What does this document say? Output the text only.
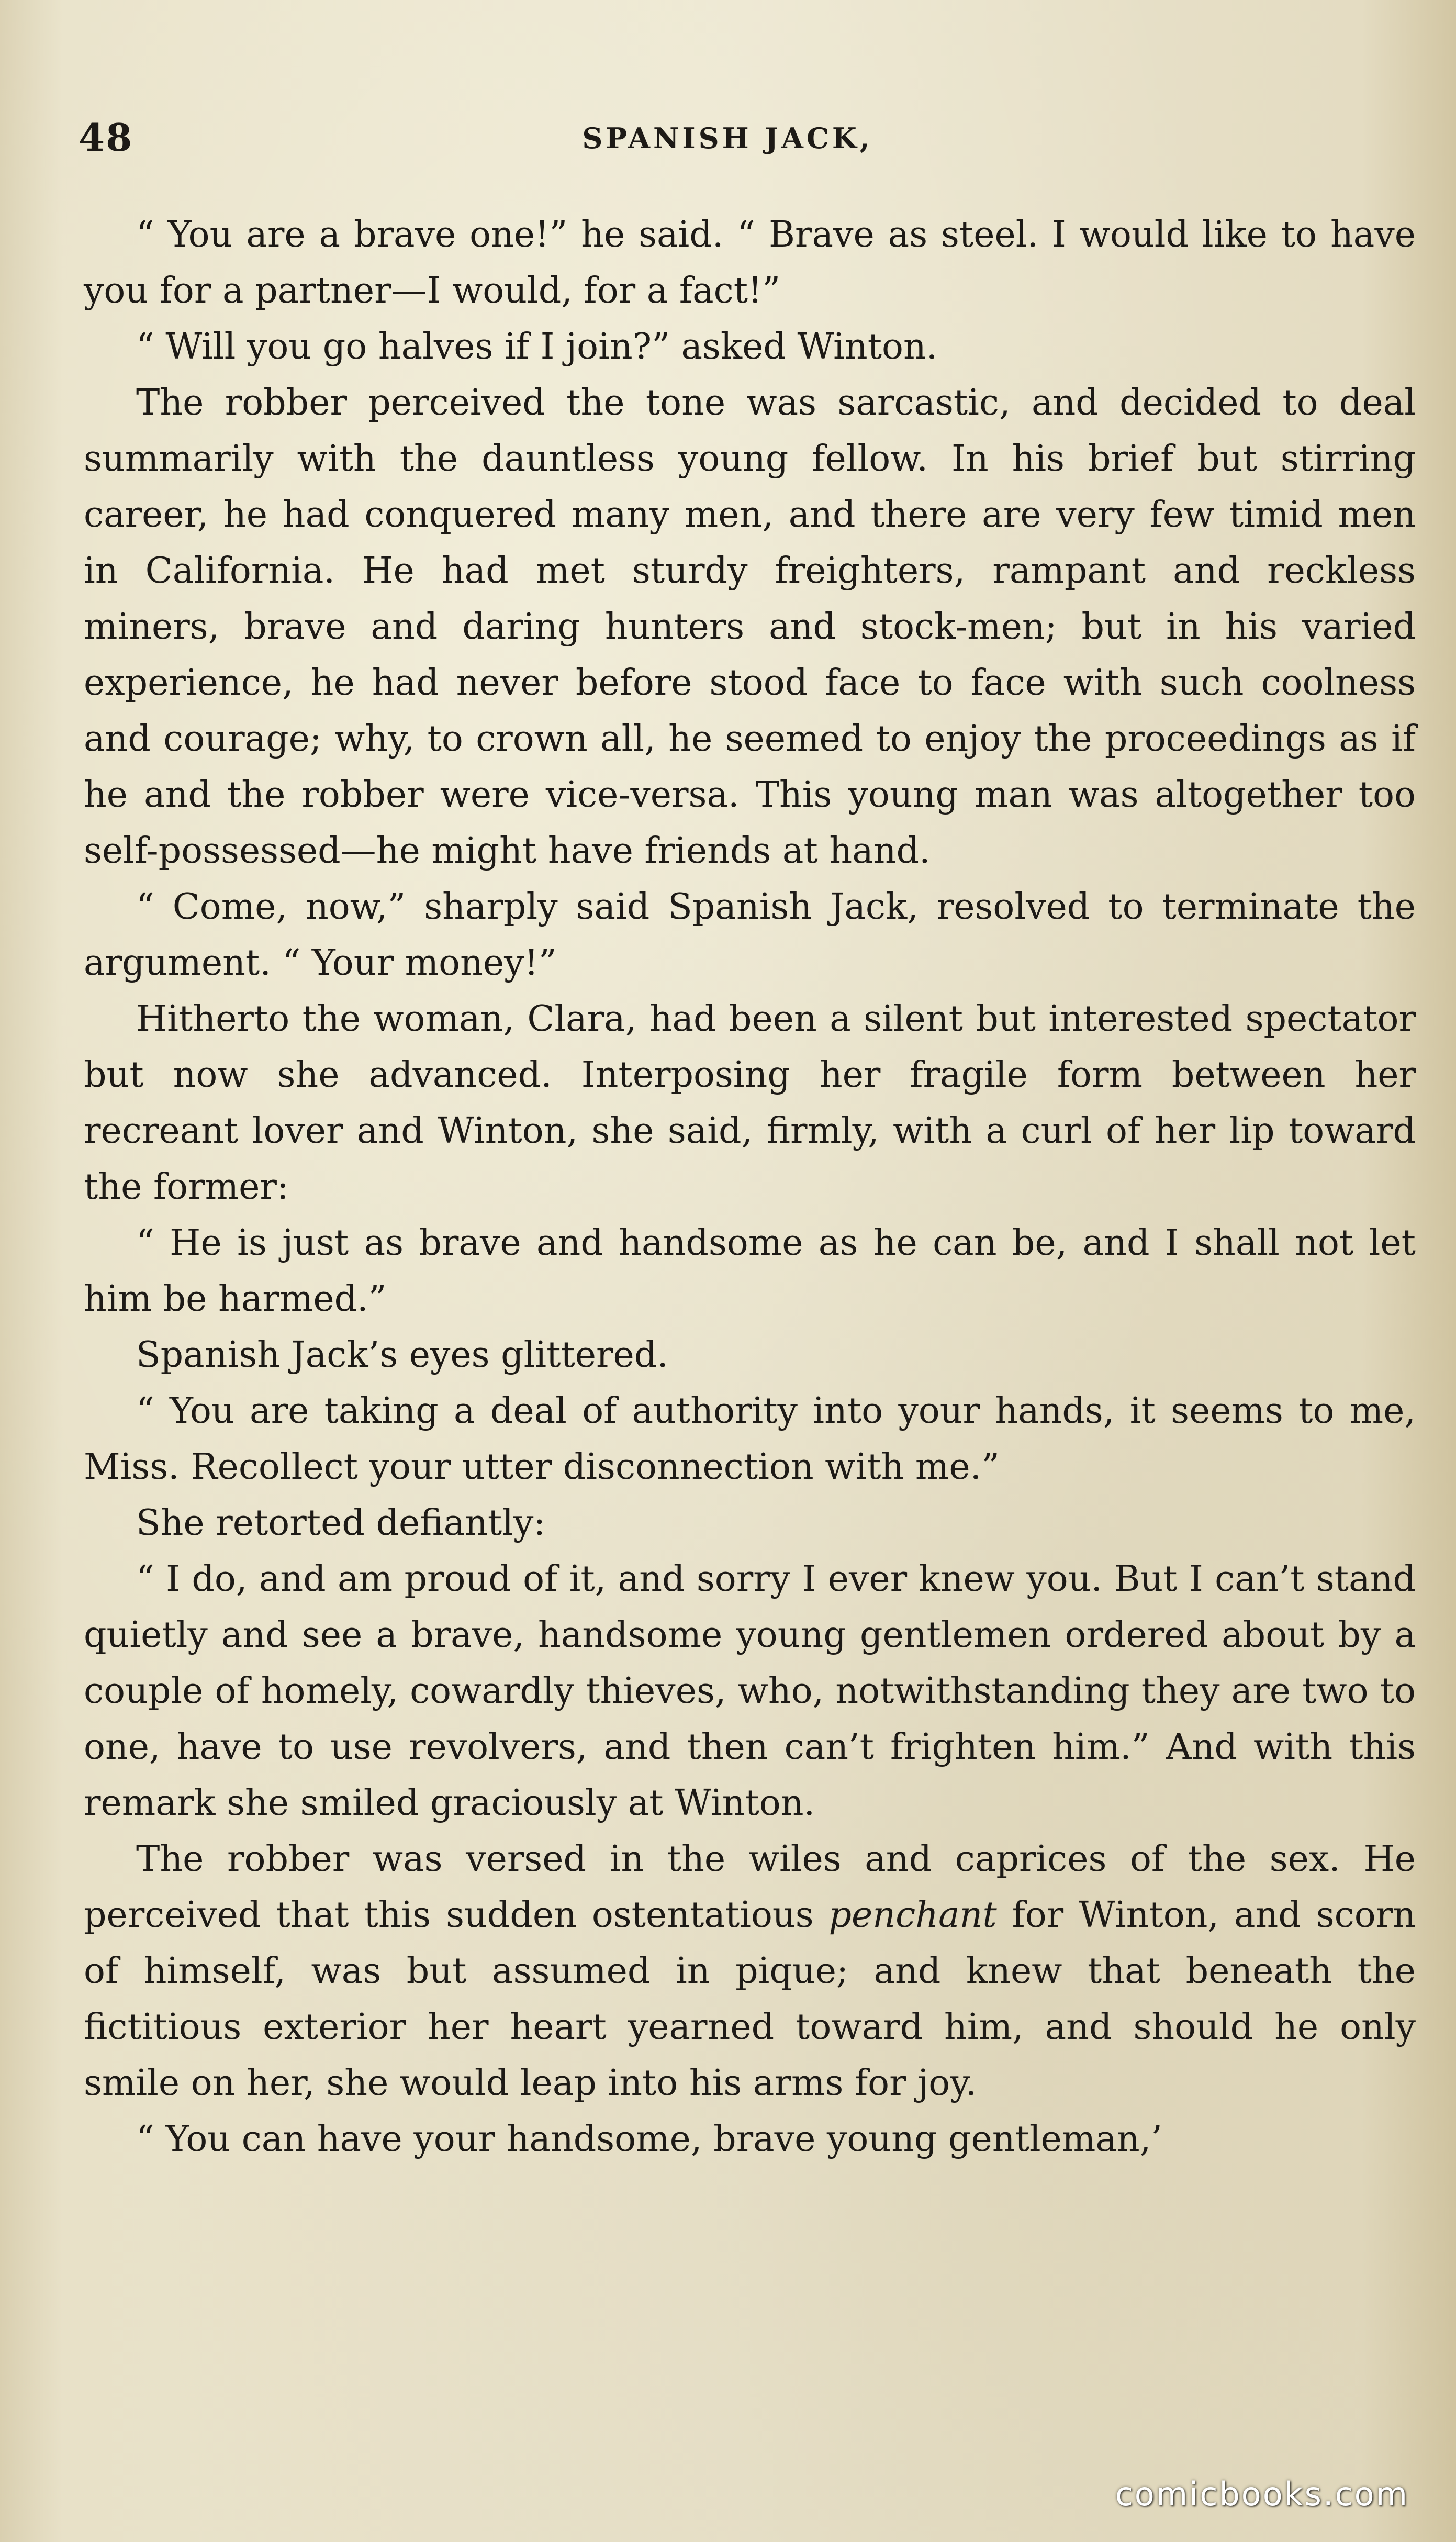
48	SPANISH JACK,

“ You are a brave one!” he said. “ Brave as steel. I would like to have you for a partner—I would, for a fact!”

“ Will you go halves if I join?” asked Winton.

The robber perceived the tone was sarcastic, and decided to deal summarily with the dauntless young fellow. In his brief but stirring career, he had conquered many men, and there are very few timid men in California. He had met sturdy freighters, rampant and reckless miners, brave and daring hunters and stock-men; but in his varied experience, he had never before stood face to face with such coolness and courage; why, to crown all, he seemed to enjoy the proceedings as if he and the robber were vice-versa. This young man was altogether too self-possessed—he might have friends at hand.

“ Come, now,” sharply said Spanish Jack, resolved to terminate the argument. “ Your money!”

Hitherto the woman, Clara, had been a silent but interested spectator but now she advanced. Interposing her fragile form between her recreant lover and Winton, she said, firmly, with a curl of her lip toward the former:

“ He is just as brave and handsome as he can be, and I shall not let him be harmed.”

Spanish Jack’s eyes glittered.

“ You are taking a deal of authority into your hands, it seems to me, Miss. Recollect your utter disconnection with me.”

She retorted defiantly:

“ I do, and am proud of it, and sorry I ever knew you. But I can’t stand quietly and see a brave, handsome young gentlemen ordered about by a couple of homely, cowardly thieves, who, notwithstanding they are two to one, have to use revolvers, and then can’t frighten him.” And with this remark she smiled graciously at Winton.

The robber was versed in the wiles and caprices of the sex. He perceived that this sudden ostentatious penchant for Winton, and scorn of himself, was but assumed in pique; and knew that beneath the fictitious exterior her heart yearned toward him, and should he only smile on her, she would leap into his arms for joy.

“ You can have your handsome, brave young gentleman,’

comicbooks.com
